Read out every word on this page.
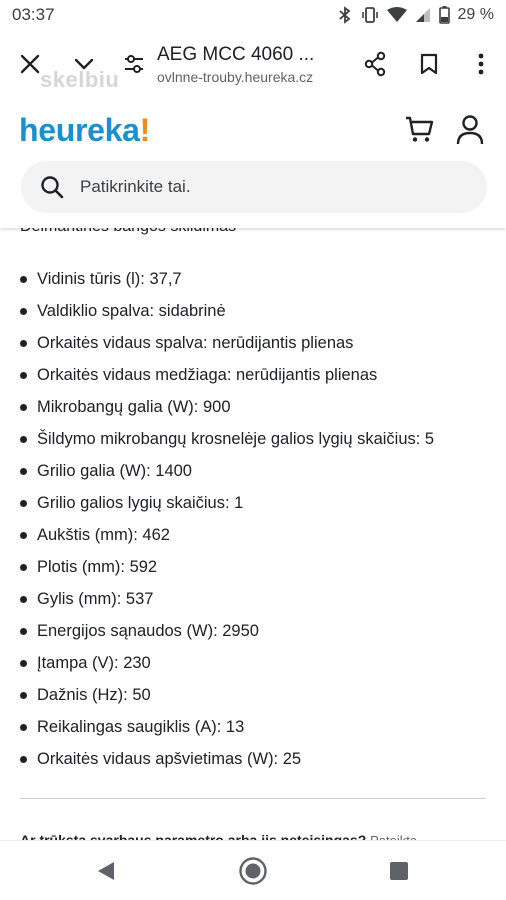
03:37	29 %
AEG MCC 4060 ...
ovlnne-trouby.heureka.cz
skelbiu
heureka!
Patikrinkite tai.
Vidinis tūris (l): 37,7
Valdiklio spalva: sidabrinė
Orkaitės vidaus spalva: nerūdijantis plienas
Orkaitės vidaus medžiaga: nerūdijantis plienas
Mikrobangų galia (W): 900
Šildymo mikrobangų krosnelėje galios lygių skaičius: 5
Grilio galia (W): 1400
Grilio galios lygių skaičius: 1
Aukštis (mm): 462
Plotis (mm): 592
Gylis (mm): 537
Energijos sąnaudos (W): 2950
Įtampa (V): 230
Dažnis (Hz): 50
Reikalingas saugiklis (A): 13
Orkaitės vidaus apšvietimas (W): 25
